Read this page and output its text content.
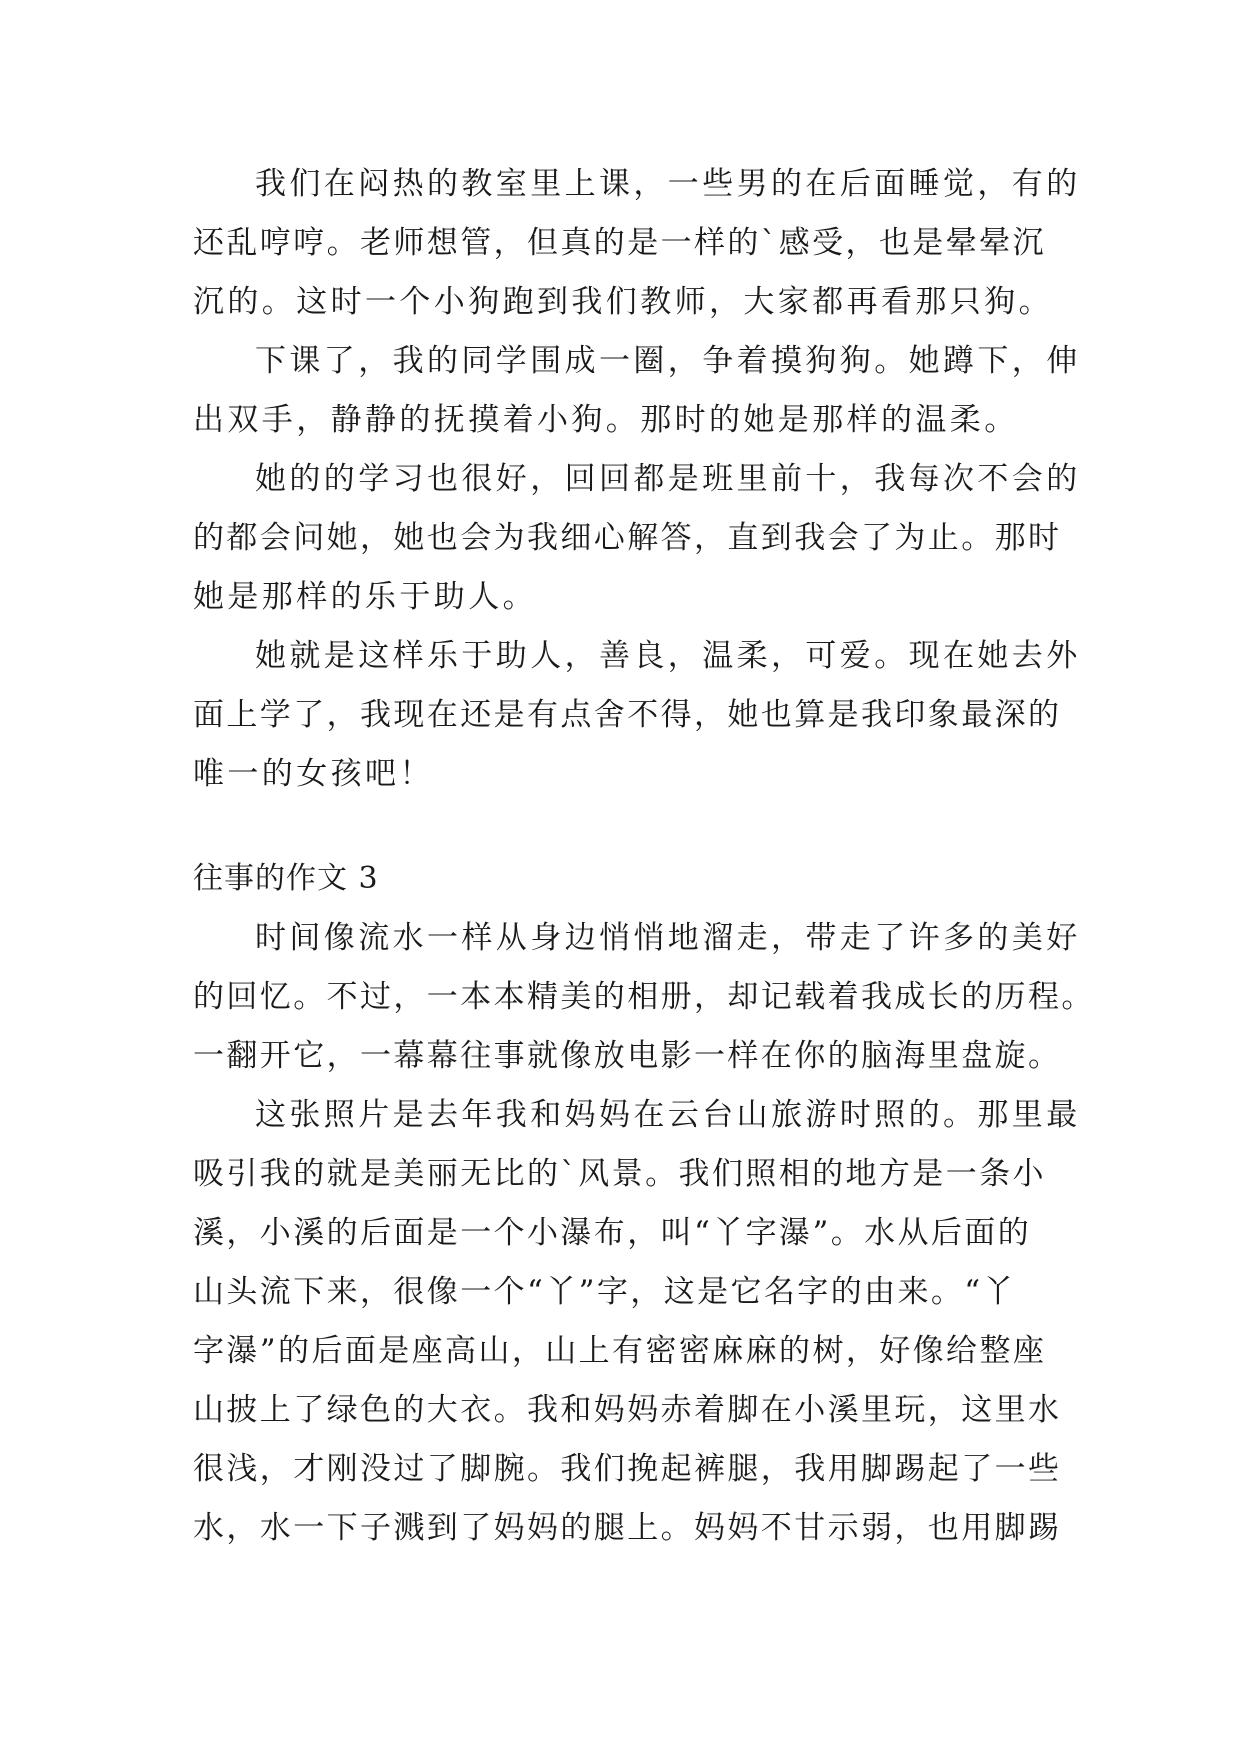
我们在闷热的教室里上课，一些男的在后面睡觉，有的
还乱哼哼。老师想管，但真的是一样的`感受，也是晕晕沉
沉的。这时一个小狗跑到我们教师，大家都再看那只狗。
下课了，我的同学围成一圈，争着摸狗狗。她蹲下，伸
出双手，静静的抚摸着小狗。那时的她是那样的温柔。
她的的学习也很好，回回都是班里前十，我每次不会的
的都会问她，她也会为我细心解答，直到我会了为止。那时
她是那样的乐于助人。
她就是这样乐于助人，善良，温柔，可爱。现在她去外
面上学了，我现在还是有点舍不得，她也算是我印象最深的
唯一的女孩吧！
往事的作文 3
时间像流水一样从身边悄悄地溜走，带走了许多的美好
的回忆。不过，一本本精美的相册，却记载着我成长的历程。
一翻开它，一幕幕往事就像放电影一样在你的脑海里盘旋。
这张照片是去年我和妈妈在云台山旅游时照的。那里最
吸引我的就是美丽无比的`风景。我们照相的地方是一条小
溪，小溪的后面是一个小瀑布，叫“丫字瀑”。水从后面的
山头流下来，很像一个“丫”字，这是它名字的由来。“丫
字瀑”的后面是座高山，山上有密密麻麻的树，好像给整座
山披上了绿色的大衣。我和妈妈赤着脚在小溪里玩，这里水
很浅，才刚没过了脚腕。我们挽起裤腿，我用脚踢起了一些
水，水一下子溅到了妈妈的腿上。妈妈不甘示弱，也用脚踢
